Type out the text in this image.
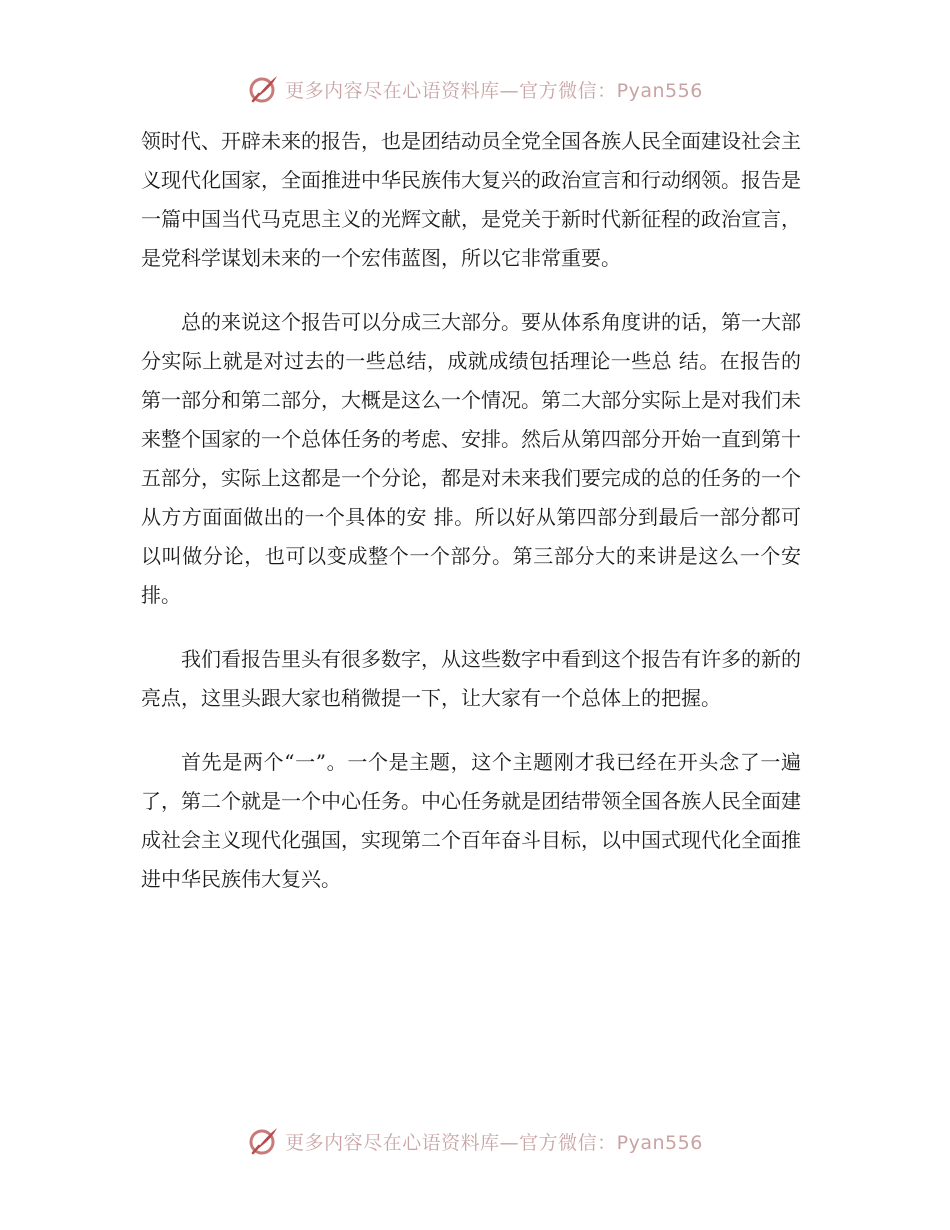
更多内容尽在心语资料库—官方微信：Pyan556

领时代、开辟未来的报告，也是团结动员全党全国各族人民全面建设社会主义现代化国家，全面推进中华民族伟大复兴的政治宣言和行动纲领。报告是一篇中国当代马克思主义的光辉文献，是党关于新时代新征程的政治宣言，是党科学谋划未来的一个宏伟蓝图，所以它非常重要。

总的来说这个报告可以分成三大部分。要从体系角度讲的话，第一大部分实际上就是对过去的一些总结，成就成绩包括理论一些总 结。在报告的第一部分和第二部分，大概是这么一个情况。第二大部分实际上是对我们未来整个国家的一个总体任务的考虑、安排。然后从第四部分开始一直到第十五部分，实际上这都是一个分论，都是对未来我们要完成的总的任务的一个从方方面面做出的一个具体的安 排。所以好从第四部分到最后一部分都可以叫做分论，也可以变成整个一个部分。第三部分大的来讲是这么一个安排。

我们看报告里头有很多数字，从这些数字中看到这个报告有许多的新的亮点，这里头跟大家也稍微提一下，让大家有一个总体上的把握。

首先是两个“一”。一个是主题，这个主题刚才我已经在开头念了一遍了，第二个就是一个中心任务。中心任务就是团结带领全国各族人民全面建成社会主义现代化强国，实现第二个百年奋斗目标，以中国式现代化全面推进中华民族伟大复兴。

更多内容尽在心语资料库—官方微信：Pyan556
